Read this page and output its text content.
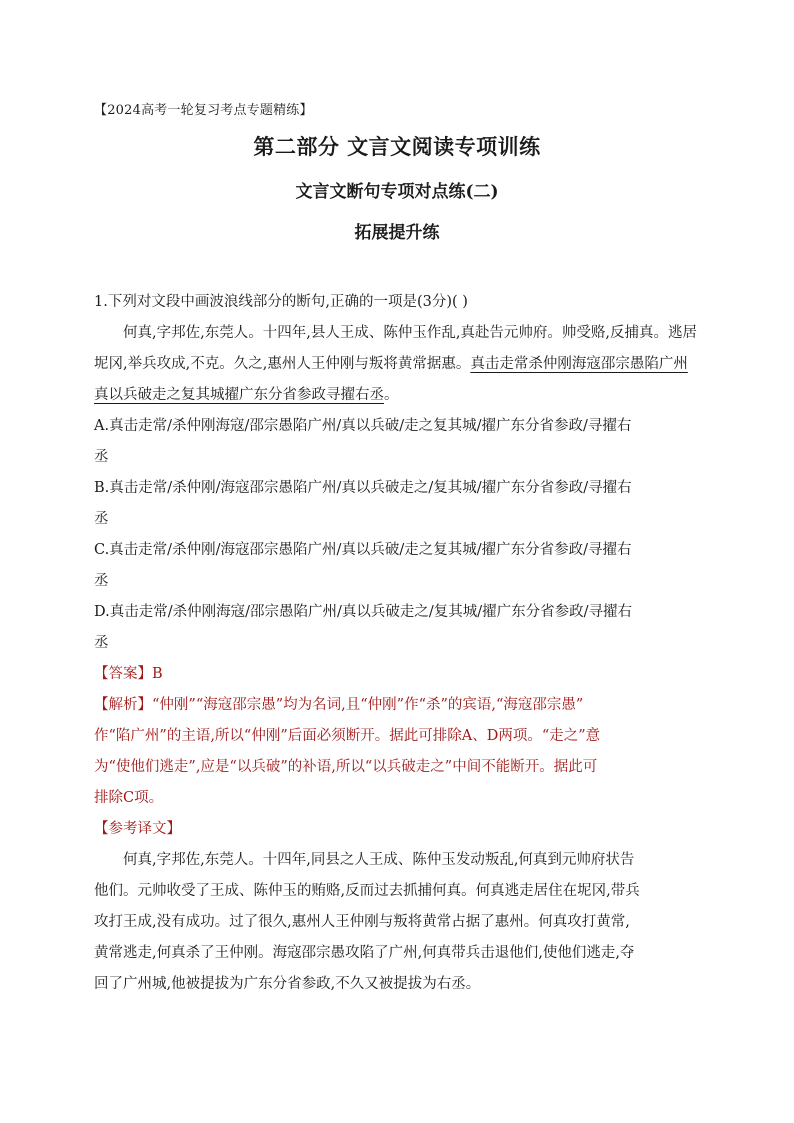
【2024高考一轮复习考点专题精练】
第二部分 文言文阅读专项训练
文言文断句专项对点练(二)
拓展提升练

1.下列对文段中画波浪线部分的断句,正确的一项是(3分)( )

何真,字邦佐,东莞人。十四年,县人王成、陈仲玉作乱,真赴告元帅府。帅受赂,反捕真。逃居坭冈,举兵攻成,不克。久之,惠州人王仲刚与叛将黄常据惠。真击走常杀仲刚海寇邵宗愚陷广州真以兵破走之复其城擢广东分省参政寻擢右丞。

A.真击走常/杀仲刚海寇/邵宗愚陷广州/真以兵破/走之复其城/擢广东分省参政/寻擢右
丞

B.真击走常/杀仲刚/海寇邵宗愚陷广州/真以兵破走之/复其城/擢广东分省参政/寻擢右
丞

C.真击走常/杀仲刚/海寇邵宗愚陷广州/真以兵破/走之复其城/擢广东分省参政/寻擢右
丞

D.真击走常/杀仲刚海寇/邵宗愚陷广州/真以兵破走之/复其城/擢广东分省参政/寻擢右
丞

【答案】B

【解析】“仲刚”“海寇邵宗愚”均为名词,且“仲刚”作“杀”的宾语,“海寇邵宗愚”
作“陷广州”的主语,所以“仲刚”后面必须断开。据此可排除A、D两项。“走之”意
为“使他们逃走”,应是“以兵破”的补语,所以“以兵破走之”中间不能断开。据此可
排除C项。

【参考译文】

何真,字邦佐,东莞人。十四年,同县之人王成、陈仲玉发动叛乱,何真到元帅府状告
他们。元帅收受了王成、陈仲玉的贿赂,反而过去抓捕何真。何真逃走居住在坭冈,带兵
攻打王成,没有成功。过了很久,惠州人王仲刚与叛将黄常占据了惠州。何真攻打黄常,
黄常逃走,何真杀了王仲刚。海寇邵宗愚攻陷了广州,何真带兵击退他们,使他们逃走,夺
回了广州城,他被提拔为广东分省参政,不久又被提拔为右丞。
